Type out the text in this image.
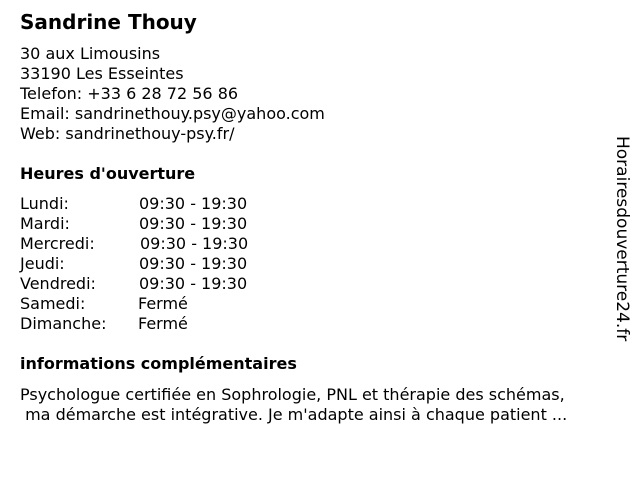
Sandrine Thouy
30 aux Limousins
33190 Les Esseintes
Telefon: +33 6 28 72 56 86
Email: sandrinethouy.psy@yahoo.com
Web: sandrinethouy-psy.fr/
Heures d'ouverture
Lundi:	09:30 - 19:30
Mardi:	09:30 - 19:30
Mercredi:	09:30 - 19:30
Jeudi:	09:30 - 19:30
Vendredi:	09:30 - 19:30
Samedi:	Fermé
Dimanche: Fermé
informations complémentaires
Psychologue certifiée en Sophrologie, PNL et thérapie des schémas,
ma démarche est intégrative. Je m'adapte ainsi à chaque patient ...
Horairesdouverture24.fr
